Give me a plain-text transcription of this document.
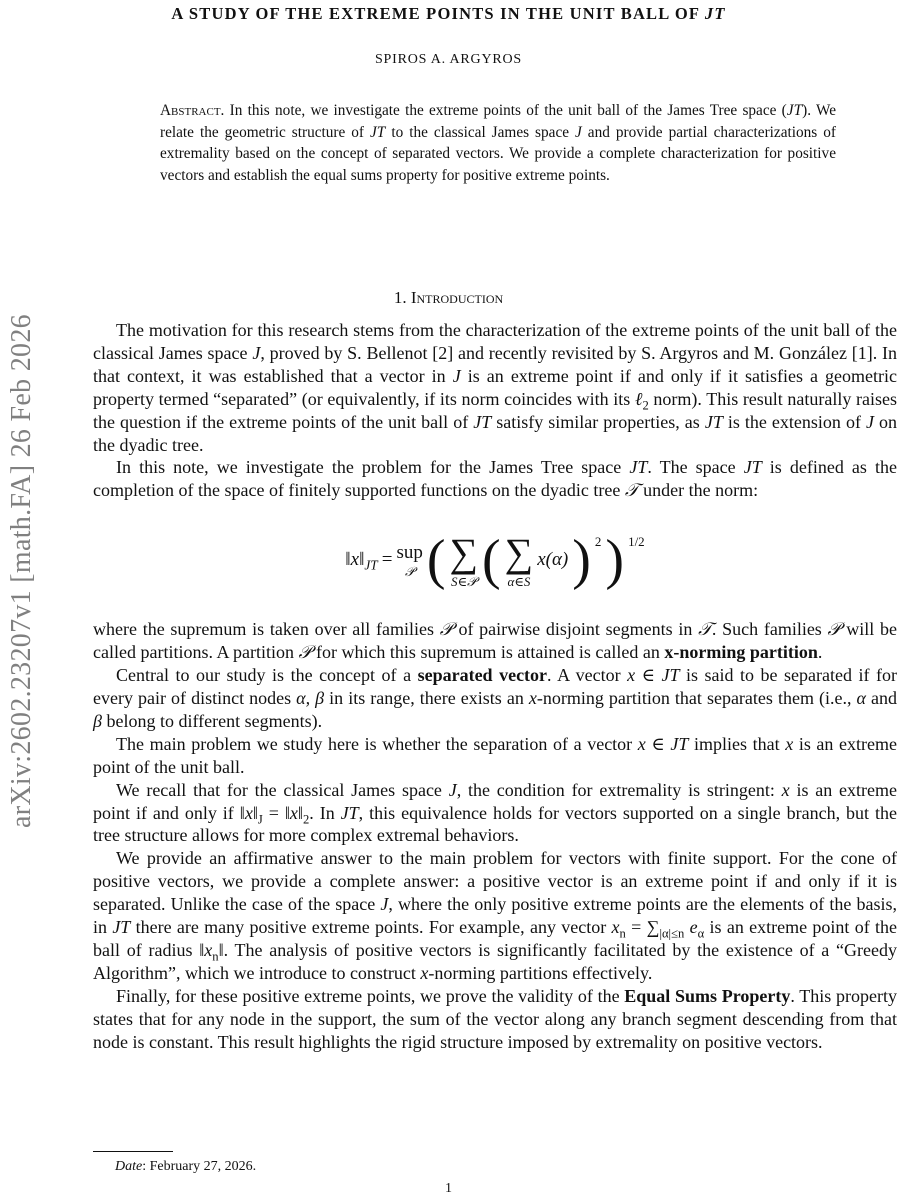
arXiv:2602.23207v1 [math.FA] 26 Feb 2026
A STUDY OF THE EXTREME POINTS IN THE UNIT BALL OF JT
SPIROS A. ARGYROS
Abstract. In this note, we investigate the extreme points of the unit ball of the James Tree space (JT). We relate the geometric structure of JT to the classical James space J and provide partial characterizations of extremality based on the concept of separated vectors. We provide a complete characterization for positive vectors and establish the equal sums property for positive extreme points.
1. Introduction

The motivation for this research stems from the characterization of the extreme points of the unit ball of the classical James space J, proved by S. Bellenot [2] and recently revisited by S. Argyros and M. González [1]. In that context, it was established that a vector in J is an extreme point if and only if it satisfies a geometric property termed “separated” (or equivalently, if its norm coincides with its ℓ$_2$ norm). This result naturally raises the question if the extreme points of the unit ball of JT satisfy similar properties, as JT is the extension of J on the dyadic tree.

In this note, we investigate the problem for the James Tree space JT. The space JT is defined as the completion of the space of finitely supported functions on the dyadic tree 𝒯 under the norm:

$‖x‖_{JT}$ = sup
𝒫 ( ∑
S∈𝒫 ( ∑
α∈S
x(α) ) 2 ) 1/2

where the supremum is taken over all families 𝒫 of pairwise disjoint segments in 𝒯. Such families 𝒫 will be called partitions. A partition 𝒫 for which this supremum is attained is called an x-norming partition.

Central to our study is the concept of a separated vector. A vector x ∈ JT is said to be separated if for every pair of distinct nodes α, β in its range, there exists an x-norming partition that separates them (i.e., α and β belong to different segments).

The main problem we study here is whether the separation of a vector x ∈ JT implies that x is an extreme point of the unit ball.

We recall that for the classical James space J, the condition for extremality is stringent: x is an extreme point if and only if $‖x‖_J$ = $‖x‖_2$. In JT, this equivalence holds for vectors supported on a single branch, but the tree structure allows for more complex extremal behaviors.

We provide an affirmative answer to the main problem for vectors with finite support. For the cone of positive vectors, we provide a complete answer: a positive vector is an extreme point if and only if it is separated. Unlike the case of the space J, where the only positive extreme points are the elements of the basis, in JT there are many positive extreme points. For example, any vector $x_n = \sum_{|\alpha|\le n}$ $e_\alpha$ is an extreme point of the ball of radius $‖x_n‖$. The analysis of positive vectors is significantly facilitated by the existence of a “Greedy Algorithm”, which we introduce to construct x-norming partitions effectively.

Finally, for these positive extreme points, we prove the validity of the Equal Sums Property. This property states that for any node in the support, the sum of the vector along any branch segment descending from that node is constant. This result highlights the rigid structure imposed by extremality on positive vectors.

Date: February 27, 2026.
1
